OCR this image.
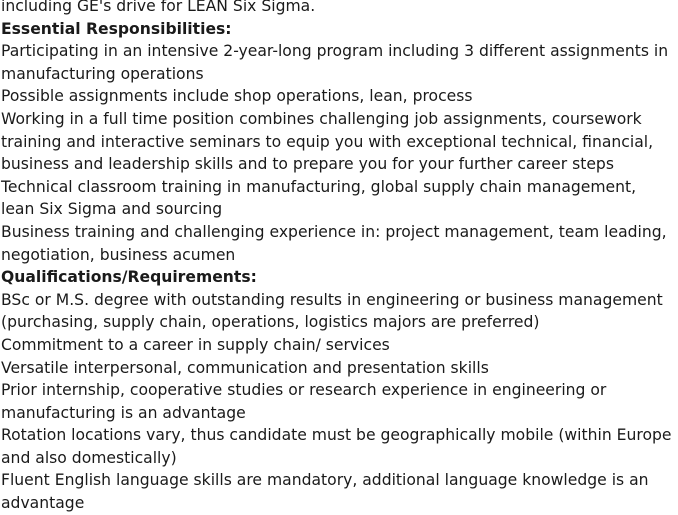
including GE's drive for LEAN Six Sigma.

Essential Responsibilities:

Participating in an intensive 2-year-long program including 3 different assignments in manufacturing operations

Possible assignments include shop operations, lean, process

Working in a full time position combines challenging job assignments, coursework training and interactive seminars to equip you with exceptional technical, financial, business and leadership skills and to prepare you for your further career steps

Technical classroom training in manufacturing, global supply chain management, lean Six Sigma and sourcing

Business training and challenging experience in: project management, team leading, negotiation, business acumen

Qualifications/Requirements:

BSc or M.S. degree with outstanding results in engineering or business management (purchasing, supply chain, operations, logistics majors are preferred)

Commitment to a career in supply chain/ services

Versatile interpersonal, communication and presentation skills

Prior internship, cooperative studies or research experience in engineering or manufacturing is an advantage

Rotation locations vary, thus candidate must be geographically mobile (within Europe and also domestically)

Fluent English language skills are mandatory, additional language knowledge is an advantage
